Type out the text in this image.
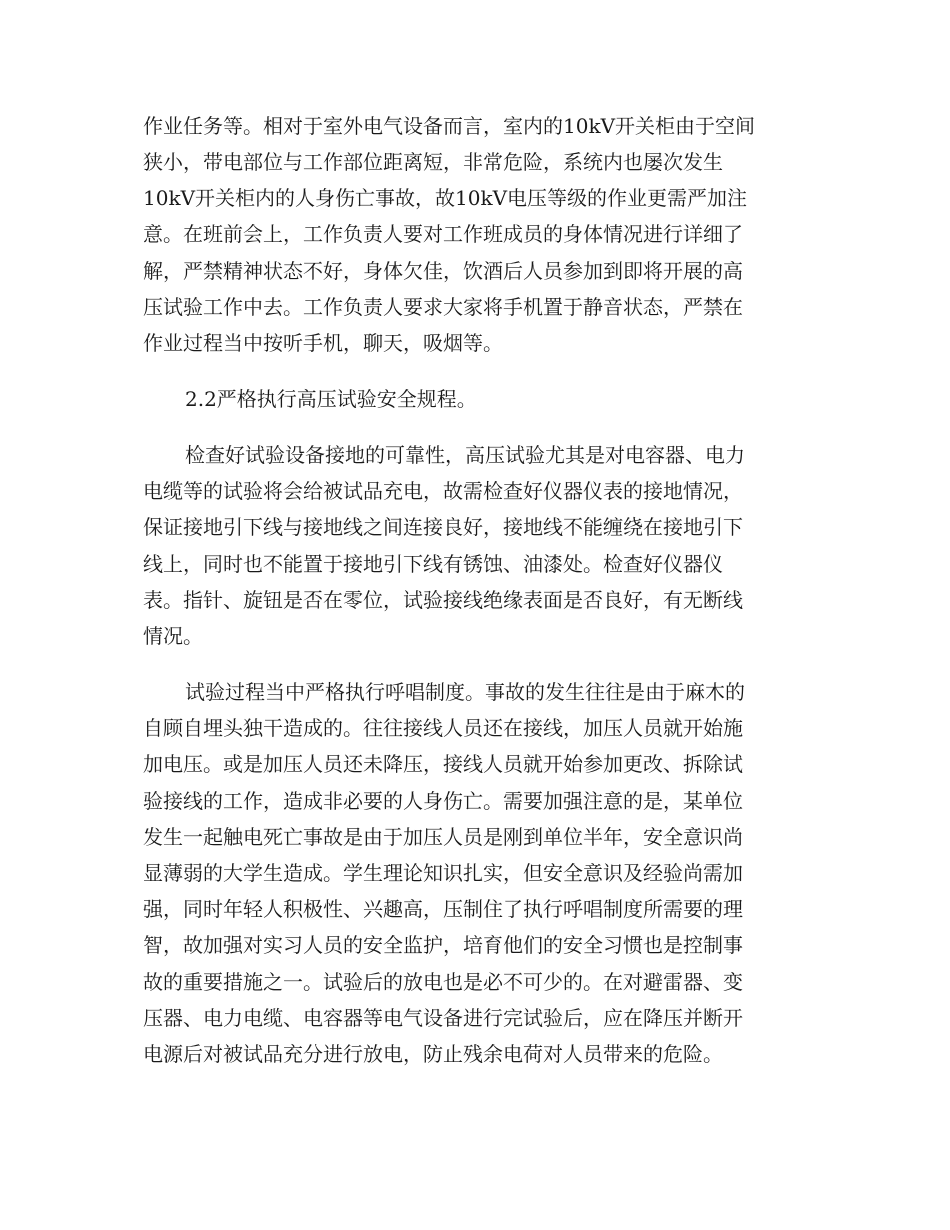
作业任务等。相对于室外电气设备而言，室内的10kV开关柜由于空间
狭小，带电部位与工作部位距离短，非常危险，系统内也屡次发生
10kV开关柜内的人身伤亡事故，故10kV电压等级的作业更需严加注
意。在班前会上，工作负责人要对工作班成员的身体情况进行详细了
解，严禁精神状态不好，身体欠佳，饮酒后人员参加到即将开展的高
压试验工作中去。工作负责人要求大家将手机置于静音状态，严禁在
作业过程当中按听手机，聊天，吸烟等。
2.2严格执行高压试验安全规程。
检查好试验设备接地的可靠性，高压试验尤其是对电容器、电力
电缆等的试验将会给被试品充电，故需检查好仪器仪表的接地情况，
保证接地引下线与接地线之间连接良好，接地线不能缠绕在接地引下
线上，同时也不能置于接地引下线有锈蚀、油漆处。检查好仪器仪
表。指针、旋钮是否在零位，试验接线绝缘表面是否良好，有无断线
情况。
试验过程当中严格执行呼唱制度。事故的发生往往是由于麻木的
自顾自埋头独干造成的。往往接线人员还在接线，加压人员就开始施
加电压。或是加压人员还未降压，接线人员就开始参加更改、拆除试
验接线的工作，造成非必要的人身伤亡。需要加强注意的是，某单位
发生一起触电死亡事故是由于加压人员是刚到单位半年，安全意识尚
显薄弱的大学生造成。学生理论知识扎实，但安全意识及经验尚需加
强，同时年轻人积极性、兴趣高，压制住了执行呼唱制度所需要的理
智，故加强对实习人员的安全监护，培育他们的安全习惯也是控制事
故的重要措施之一。试验后的放电也是必不可少的。在对避雷器、变
压器、电力电缆、电容器等电气设备进行完试验后，应在降压并断开
电源后对被试品充分进行放电，防止残余电荷对人员带来的危险。
